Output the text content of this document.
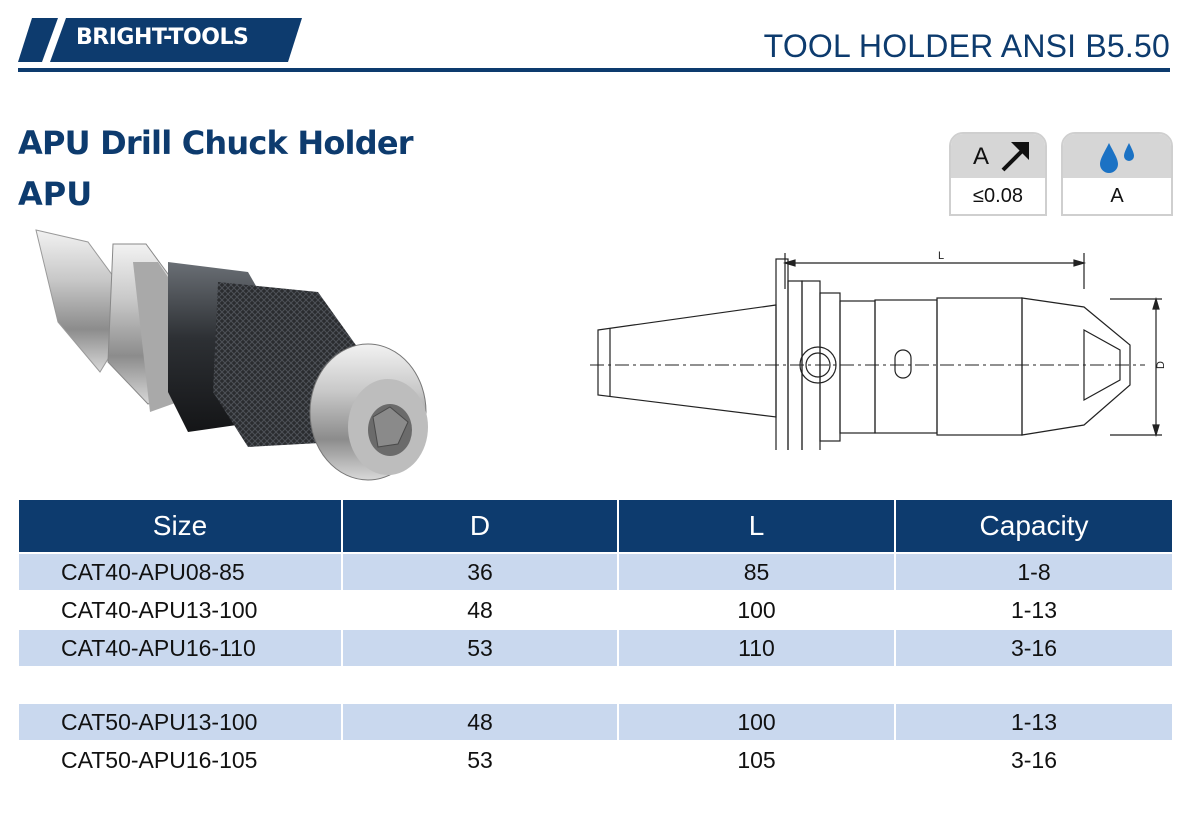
BRIGHT-TOOLS	TOOL HOLDER ANSI B5.50
APU Drill Chuck Holder
APU
A
≤0.08	A
L
D
Size	D	L	Capacity
CAT40-APU08-85	36	85	1-8
CAT40-APU13-100	48	100	1-13
CAT40-APU16-110	53	110	3-16

CAT50-APU13-100	48	100	1-13
CAT50-APU16-105	53	105	3-16
